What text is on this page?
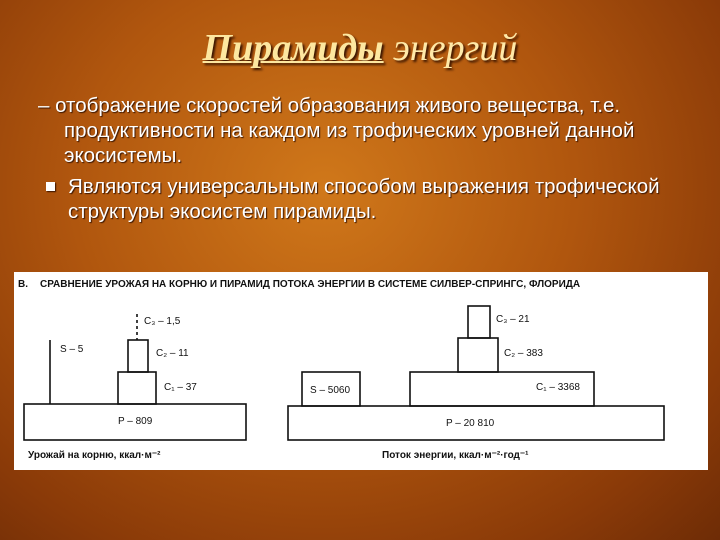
Пирамиды энергий
– отображение скоростей образования живого вещества, т.е. продуктивности на каждом из трофических уровней данной экосистемы.
Являются универсальным способом выражения трофической структуры экосистем пирамиды.
В. СРАВНЕНИЕ УРОЖАЯ НА КОРНЮ И ПИРАМИД ПОТОКА ЭНЕРГИИ В СИСТЕМЕ СИЛВЕР-СПРИНГС, ФЛОРИДА
S – 5
C₃ – 1,5
C₂ – 11
C₁ – 37
P – 809
Урожай на корню, ккал·м⁻²
C₃ – 21
C₂ – 383
C₁ – 3368
S – 5060
P – 20 810
Поток энергии, ккал·м⁻²·год⁻¹
